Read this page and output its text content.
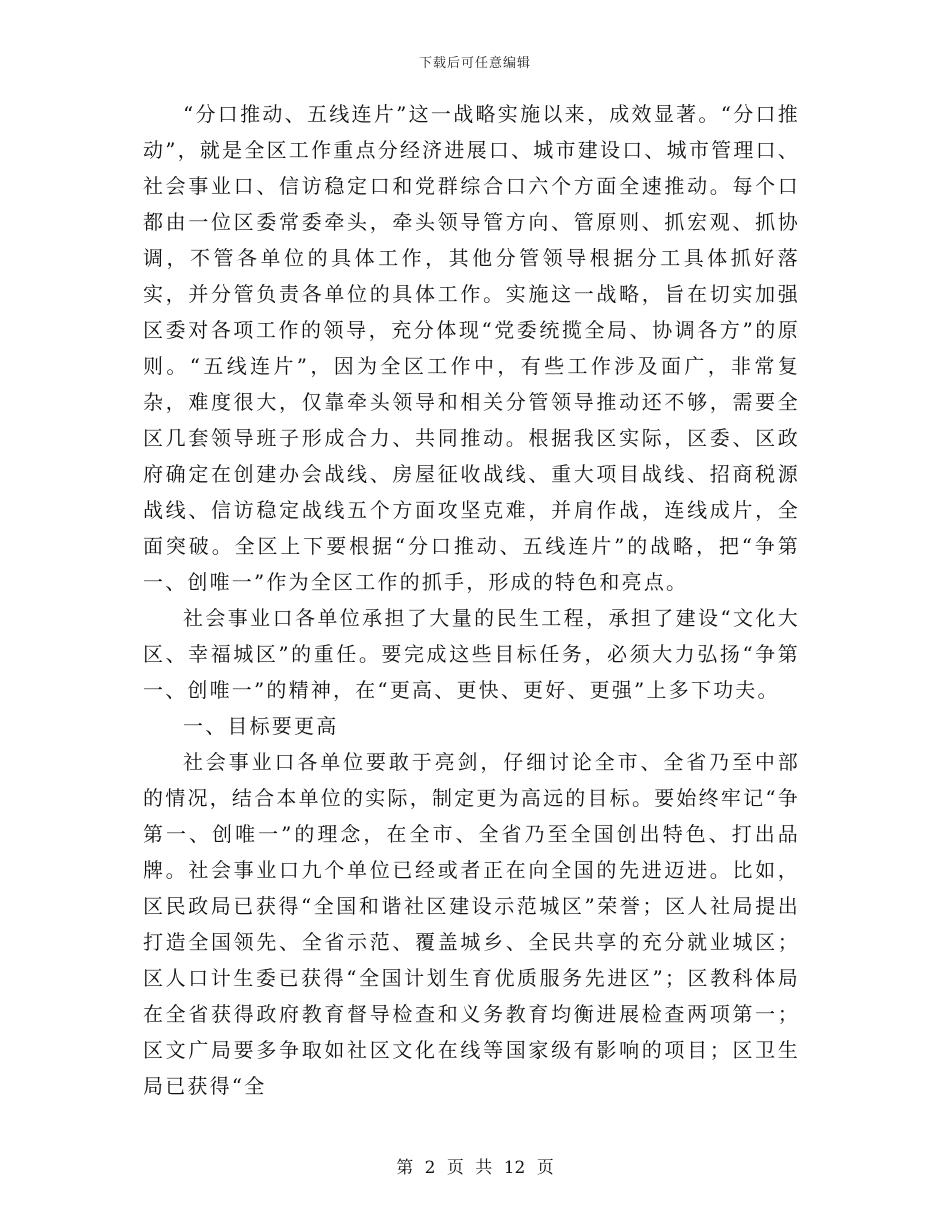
下载后可任意编辑

“分口推动、五线连片”这一战略实施以来，成效显著。“分口推动”，就是全区工作重点分经济进展口、城市建设口、城市管理口、社会事业口、信访稳定口和党群综合口六个方面全速推动。每个口都由一位区委常委牵头，牵头领导管方向、管原则、抓宏观、抓协调，不管各单位的具体工作，其他分管领导根据分工具体抓好落实，并分管负责各单位的具体工作。实施这一战略，旨在切实加强区委对各项工作的领导，充分体现“党委统揽全局、协调各方”的原则。“五线连片”，因为全区工作中，有些工作涉及面广，非常复杂，难度很大，仅靠牵头领导和相关分管领导推动还不够，需要全区几套领导班子形成合力、共同推动。根据我区实际，区委、区政府确定在创建办会战线、房屋征收战线、重大项目战线、招商税源战线、信访稳定战线五个方面攻坚克难，并肩作战，连线成片，全面突破。全区上下要根据“分口推动、五线连片”的战略，把“争第一、创唯一”作为全区工作的抓手，形成的特色和亮点。

社会事业口各单位承担了大量的民生工程，承担了建设“文化大区、幸福城区”的重任。要完成这些目标任务，必须大力弘扬“争第一、创唯一”的精神，在“更高、更快、更好、更强”上多下功夫。

一、目标要更高

社会事业口各单位要敢于亮剑，仔细讨论全市、全省乃至中部的情况，结合本单位的实际，制定更为高远的目标。要始终牢记“争第一、创唯一”的理念，在全市、全省乃至全国创出特色、打出品牌。社会事业口九个单位已经或者正在向全国的先进迈进。比如，区民政局已获得“全国和谐社区建设示范城区”荣誉；区人社局提出打造全国领先、全省示范、覆盖城乡、全民共享的充分就业城区；区人口计生委已获得“全国计划生育优质服务先进区”；区教科体局在全省获得政府教育督导检查和义务教育均衡进展检查两项第一；区文广局要多争取如社区文化在线等国家级有影响的项目；区卫生局已获得“全

第 2 页 共 12 页
